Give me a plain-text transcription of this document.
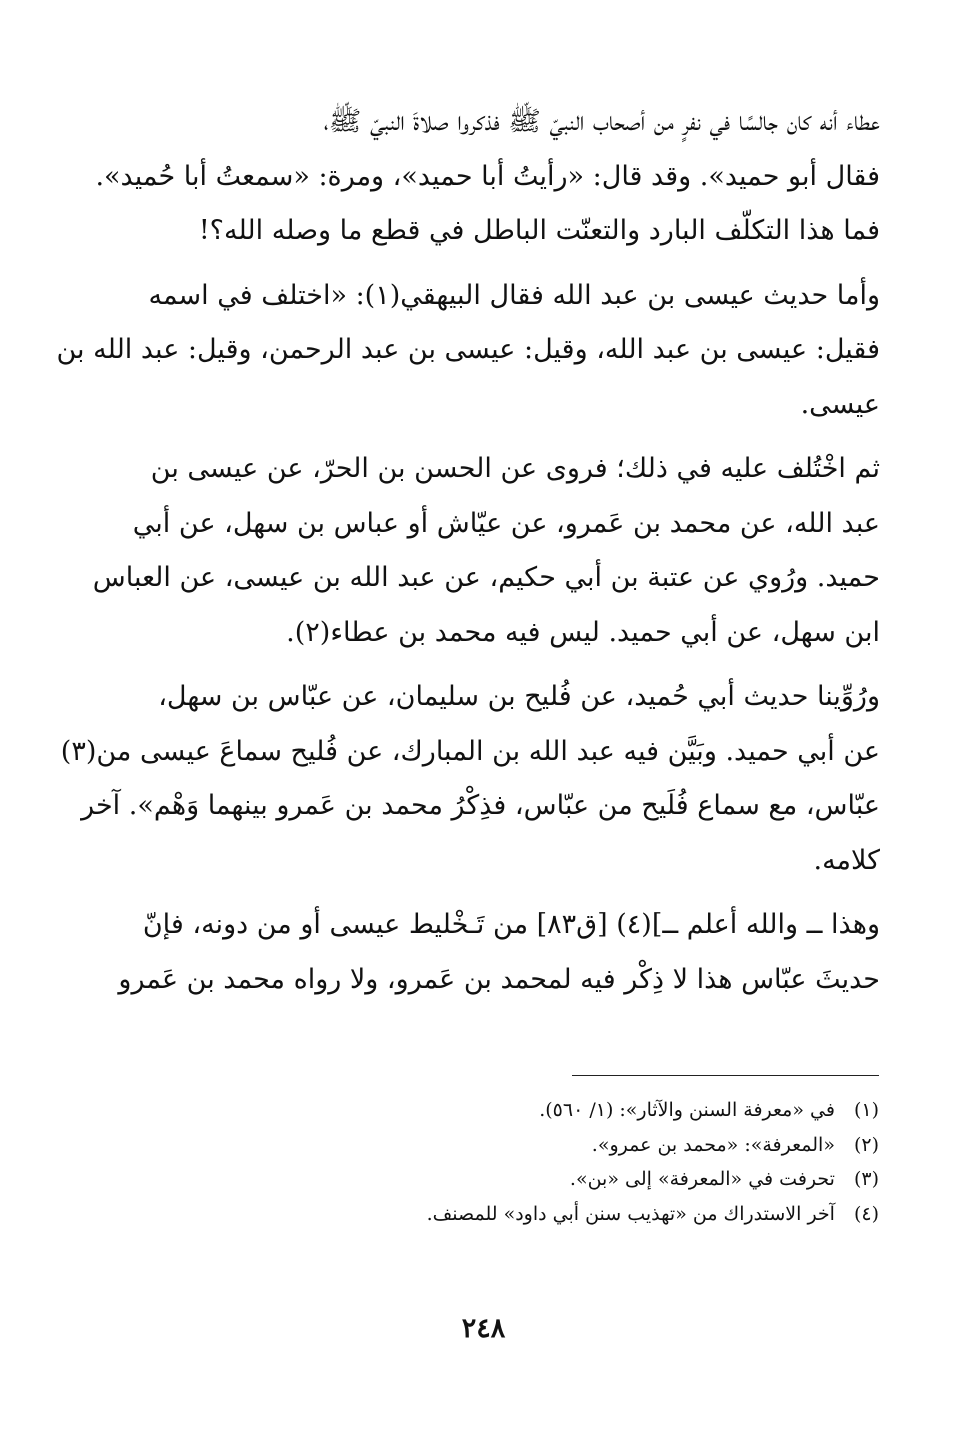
عطاء أنه كان جالسًا في نفرٍ من أصحاب النبيّ ﷺ فذكروا صلاةَ النبيّ ﷺ،
فقال أبو حميد». وقد قال: «رأيتُ أبا حميد»، ومرة: «سمعتُ أبا حُميد».
فما هذا التكلّف البارد والتعنّت الباطل في قطع ما وصله الله؟!

وأما حديث عيسى بن عبد الله فقال البيهقي(١): «اختلف في اسمه
فقيل: عيسى بن عبد الله، وقيل: عيسى بن عبد الرحمن، وقيل: عبد الله بن
عيسى.

ثم اخْتُلف عليه في ذلك؛ فروى عن الحسن بن الحرّ، عن عيسى بن
عبد الله، عن محمد بن عَمرو، عن عيّاش أو عباس بن سهل، عن أبي
حميد. ورُوي عن عتبة بن أبي حكيم، عن عبد الله بن عيسى، عن العباس
ابن سهل، عن أبي حميد. ليس فيه محمد بن عطاء(٢).

ورُوِّينا حديث أبي حُميد، عن فُليح بن سليمان، عن عبّاس بن سهل،
عن أبي حميد. وبَيَّن فيه عبد الله بن المبارك، عن فُليح سماعَ عيسى من(٣)
عبّاس، مع سماع فُلَيح من عبّاس، فذِكْرُ محمد بن عَمرو بينهما وَهْم». آخر
كلامه.

وهذا ــ والله أعلم ــ](٤) [ق٨٣] من تَـخْليط عيسى أو من دونه، فإنّ
حديثَ عبّاس هذا لا ذِكْر فيه لمحمد بن عَمرو، ولا رواه محمد بن عَمرو

(١) في «معرفة السنن والآثار»: (١/ ٥٦٠).
(٢) «المعرفة»: «محمد بن عمرو».
(٣) تحرفت في «المعرفة» إلى «بن».
(٤) آخر الاستدراك من «تهذيب سنن أبي داود» للمصنف.
٢٤٨
